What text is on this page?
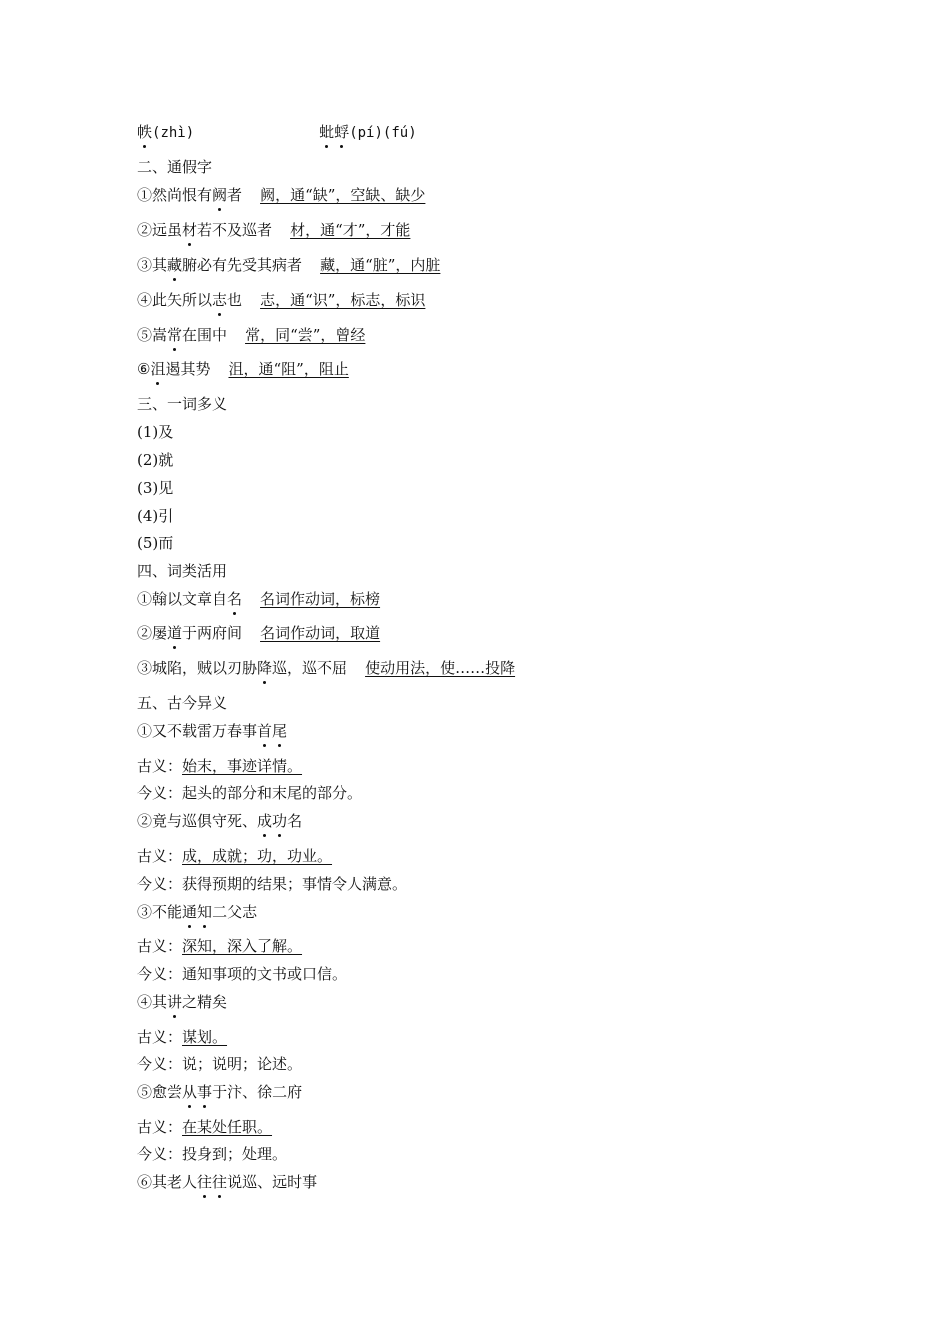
帙(zhì)	蚍蜉(pí)(fú)
二、通假字
①然尚恨有阙者 阙，通“缺”，空缺、缺少
②远虽材若不及巡者 材，通“才”，才能
③其藏腑必有先受其病者 藏，通“脏”，内脏
④此矢所以志也 志，通“识”，标志，标识
⑤嵩常在围中 常，同“尝”，曾经
⑥沮遏其势 沮，通“阻”，阻止
三、一词多义
(1)及
(2)就
(3)见
(4)引
(5)而
四、词类活用
①翰以文章自名 名词作动词，标榜
②屡道于两府间 名词作动词，取道
③城陷，贼以刃胁降巡，巡不屈 使动用法，使……投降
五、古今异义
①又不载雷万春事首尾
古义：始末，事迹详情。
今义：起头的部分和末尾的部分。
②竟与巡俱守死、成功名
古义：成，成就；功，功业。
今义：获得预期的结果；事情令人满意。
③不能通知二父志
古义：深知，深入了解。
今义：通知事项的文书或口信。
④其讲之精矣
古义：谋划。
今义：说；说明；论述。
⑤愈尝从事于汴、徐二府
古义：在某处任职。
今义：投身到；处理。
⑥其老人往往说巡、远时事
